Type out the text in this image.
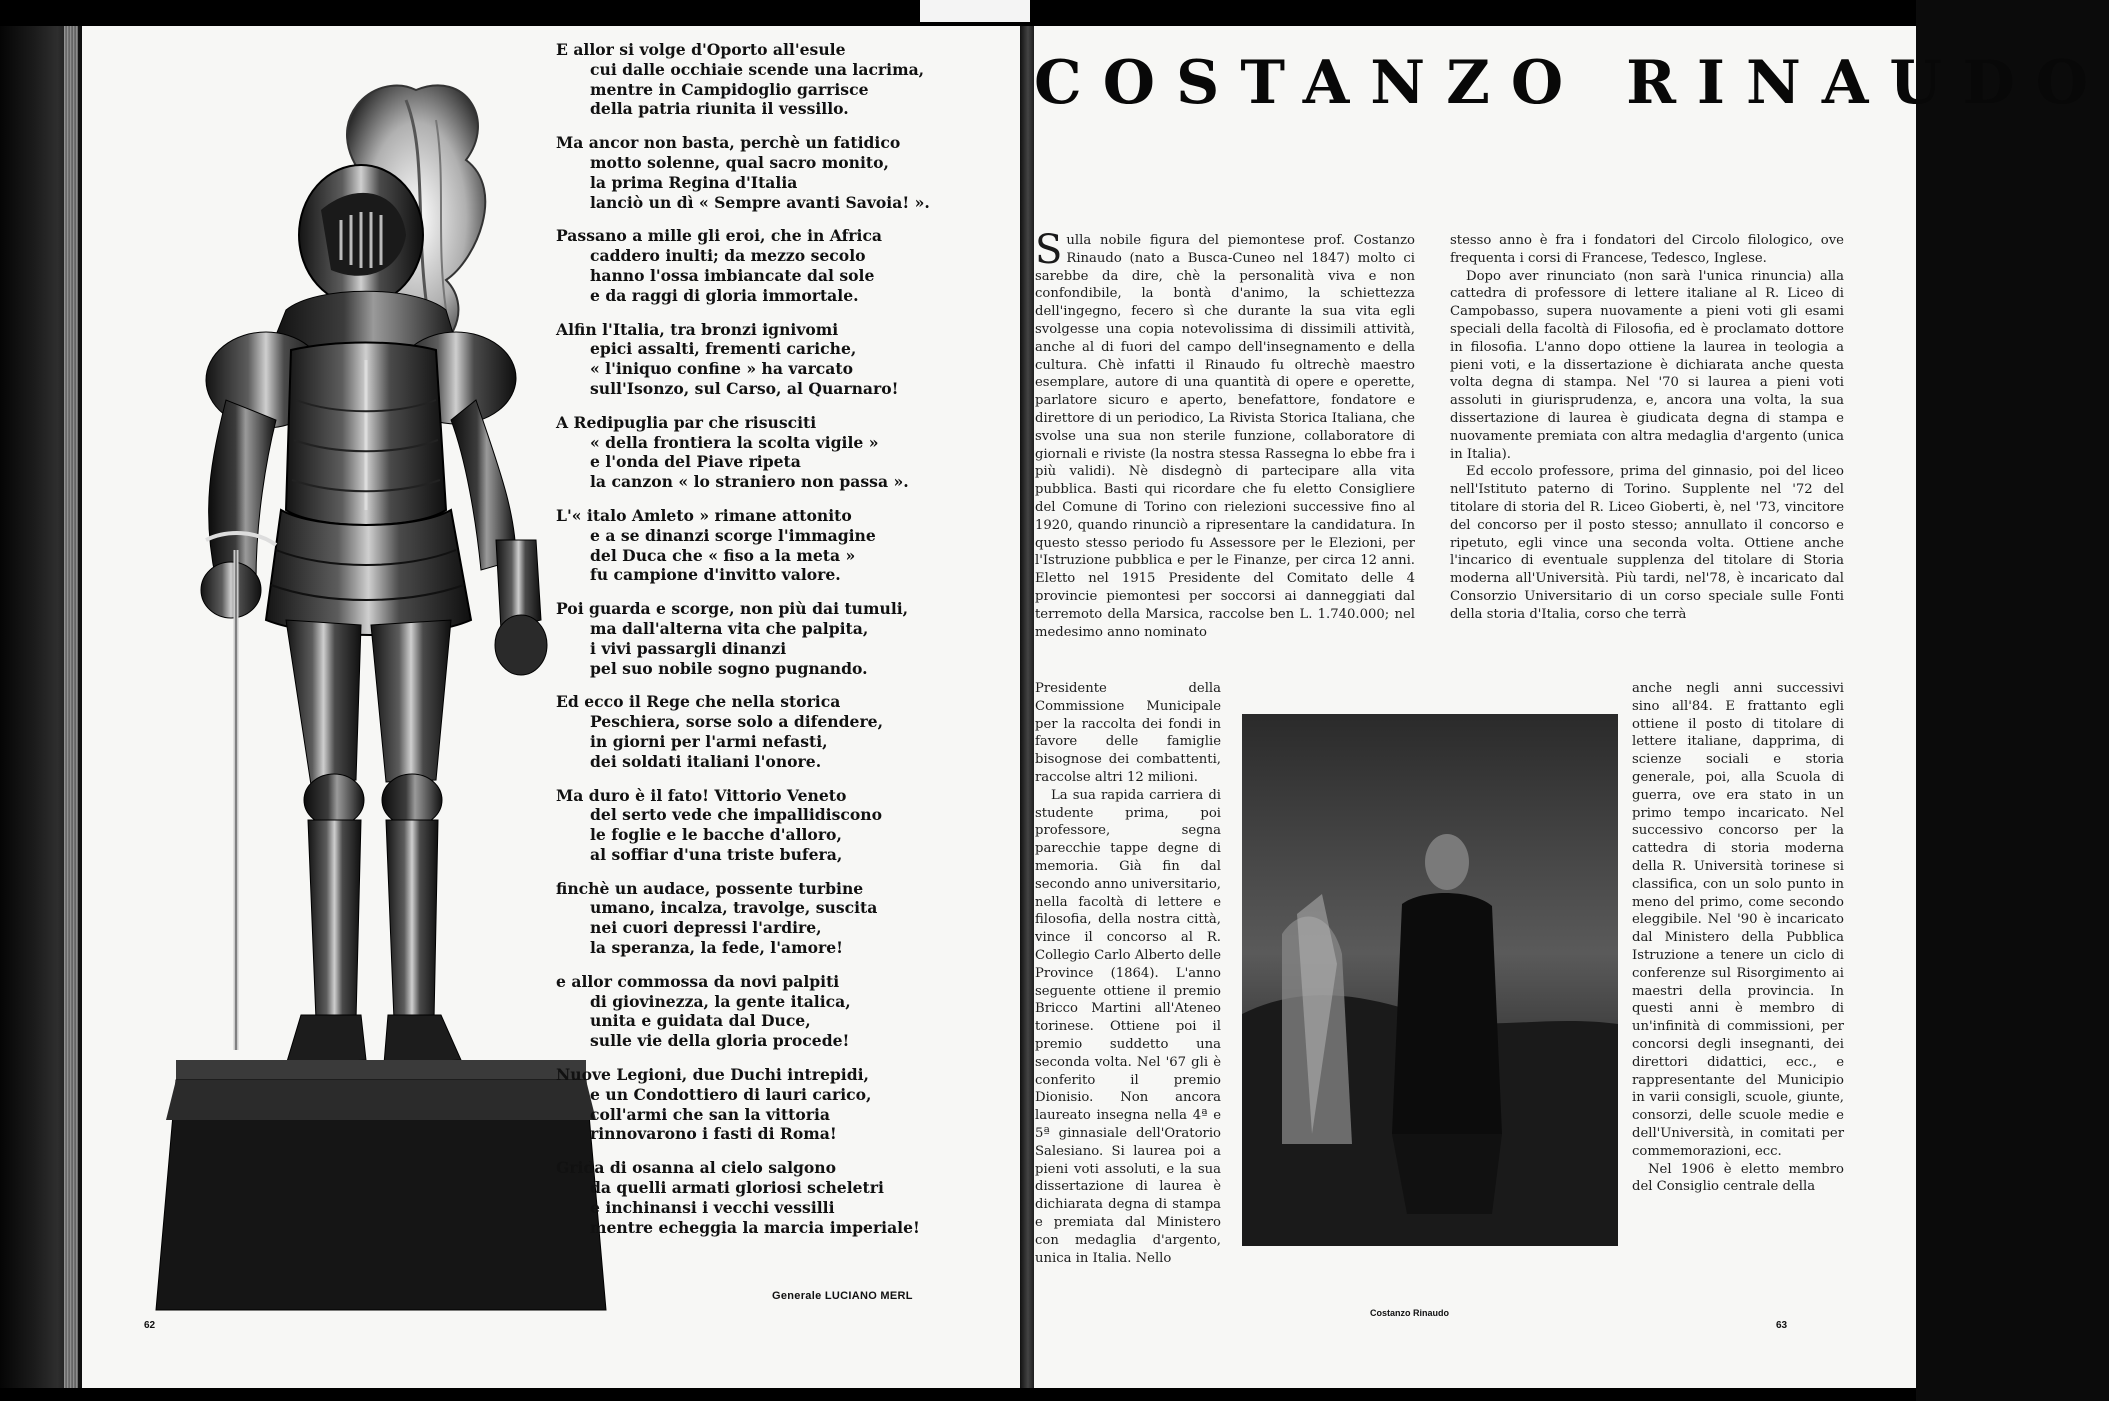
E allor si volge d'Oporto all'esule
cui dalle occhiaie scende una lacrima,
mentre in Campidoglio garrisce
della patria riunita il vessillo.
Ma ancor non basta, perchè un fatidico
motto solenne, qual sacro monito,
la prima Regina d'Italia
lanciò un dì « Sempre avanti Savoia! ».
Passano a mille gli eroi, che in Africa
caddero inulti; da mezzo secolo
hanno l'ossa imbiancate dal sole
e da raggi di gloria immortale.
Alfin l'Italia, tra bronzi ignivomi
epici assalti, frementi cariche,
« l'iniquo confine » ha varcato
sull'Isonzo, sul Carso, al Quarnaro!
A Redipuglia par che risusciti
« della frontiera la scolta vigile »
e l'onda del Piave ripeta
la canzon « lo straniero non passa ».
L'« italo Amleto » rimane attonito
e a se dinanzi scorge l'immagine
del Duca che « fiso a la meta »
fu campione d'invitto valore.
Poi guarda e scorge, non più dai tumuli,
ma dall'alterna vita che palpita,
i vivi passargli dinanzi
pel suo nobile sogno pugnando.
Ed ecco il Rege che nella storica
Peschiera, sorse solo a difendere,
in giorni per l'armi nefasti,
dei soldati italiani l'onore.
Ma duro è il fato! Vittorio Veneto
del serto vede che impallidiscono
le foglie e le bacche d'alloro,
al soffiar d'una triste bufera,
finchè un audace, possente turbine
umano, incalza, travolge, suscita
nei cuori depressi l'ardire,
la speranza, la fede, l'amore!
e allor commossa da novi palpiti
di giovinezza, la gente italica,
unita e guidata dal Duce,
sulle vie della gloria procede!
Nuove Legioni, due Duchi intrepidi,
e un Condottiero di lauri carico,
coll'armi che san la vittoria
rinnovarono i fasti di Roma!
Grida di osanna al cielo salgono
da quelli armati gloriosi scheletri
e inchinansi i vecchi vessilli
mentre echeggia la marcia imperiale!
Generale LUCIANO MERL
62
COSTANZO RINAUDO

Sulla nobile figura del piemontese prof. Costanzo Rinaudo (nato a Busca-Cuneo nel 1847) molto ci sarebbe da dire, chè la personalità viva e non confondibile, la bontà d'animo, la schiettezza dell'ingegno, fecero sì che durante la sua vita egli svolgesse una copia notevolissima di dissimili attività, anche al di fuori del campo dell'insegnamento e della cultura. Chè infatti il Rinaudo fu oltrechè maestro esemplare, autore di una quantità di opere e operette, parlatore sicuro e aperto, benefattore, fondatore e direttore di un periodico, La Rivista Storica Italiana, che svolse una sua non sterile funzione, collaboratore di giornali e riviste (la nostra stessa Rassegna lo ebbe fra i più validi). Nè disdegnò di partecipare alla vita pubblica. Basti qui ricordare che fu eletto Consigliere del Comune di Torino con rielezioni successive fino al 1920, quando rinunciò a ripresentare la candidatura. In questo stesso periodo fu Assessore per le Elezioni, per l'Istruzione pubblica e per le Finanze, per circa 12 anni. Eletto nel 1915 Presidente del Comitato delle 4 provincie piemontesi per soccorsi ai danneggiati dal terremoto della Marsica, raccolse ben L. 1.740.000; nel medesimo anno nominato

Presidente della Commissione Municipale per la raccolta dei fondi in favore delle famiglie bisognose dei combattenti, raccolse altri 12 milioni.

La sua rapida carriera di studente prima, poi professore, segna parecchie tappe degne di memoria. Già fin dal secondo anno universitario, nella facoltà di lettere e filosofia, della nostra città, vince il concorso al R. Collegio Carlo Alberto delle Province (1864). L'anno seguente ottiene il premio Bricco Martini all'Ateneo torinese. Ottiene poi il premio suddetto una seconda volta. Nel '67 gli è conferito il premio Dionisio. Non ancora laureato insegna nella 4ª e 5ª ginnasiale dell'Oratorio Salesiano. Si laurea poi a pieni voti assoluti, e la sua dissertazione di laurea è dichiarata degna di stampa e premiata dal Ministero con medaglia d'argento, unica in Italia. Nello

stesso anno è fra i fondatori del Circolo filologico, ove frequenta i corsi di Francese, Tedesco, Inglese.

Dopo aver rinunciato (non sarà l'unica rinuncia) alla cattedra di professore di lettere italiane al R. Liceo di Campobasso, supera nuovamente a pieni voti gli esami speciali della facoltà di Filosofia, ed è proclamato dottore in filosofia. L'anno dopo ottiene la laurea in teologia a pieni voti, e la dissertazione è dichiarata anche questa volta degna di stampa. Nel '70 si laurea a pieni voti assoluti in giurisprudenza, e, ancora una volta, la sua dissertazione di laurea è giudicata degna di stampa e nuovamente premiata con altra medaglia d'argento (unica in Italia).

Ed eccolo professore, prima del ginnasio, poi del liceo nell'Istituto paterno di Torino. Supplente nel '72 del titolare di storia del R. Liceo Gioberti, è, nel '73, vincitore del concorso per il posto stesso; annullato il concorso e ripetuto, egli vince una seconda volta. Ottiene anche l'incarico di eventuale supplenza del titolare di Storia moderna all'Università. Più tardi, nel'78, è incaricato dal Consorzio Universitario di un corso speciale sulle Fonti della storia d'Italia, corso che terrà

anche negli anni successivi sino all'84. E frattanto egli ottiene il posto di titolare di lettere italiane, dapprima, di scienze sociali e storia generale, poi, alla Scuola di guerra, ove era stato in un primo tempo incaricato. Nel successivo concorso per la cattedra di storia moderna della R. Università torinese si classifica, con un solo punto in meno del primo, come secondo eleggibile. Nel '90 è incaricato dal Ministero della Pubblica Istruzione a tenere un ciclo di conferenze sul Risorgimento ai maestri della provincia. In questi anni è membro di un'infinità di commissioni, per concorsi degli insegnanti, dei direttori didattici, ecc., e rappresentante del Municipio in varii consigli, scuole, giunte, consorzi, delle scuole medie e dell'Università, in comitati per commemorazioni, ecc.

Nel 1906 è eletto membro del Consiglio centrale della

Costanzo Rinaudo
63
